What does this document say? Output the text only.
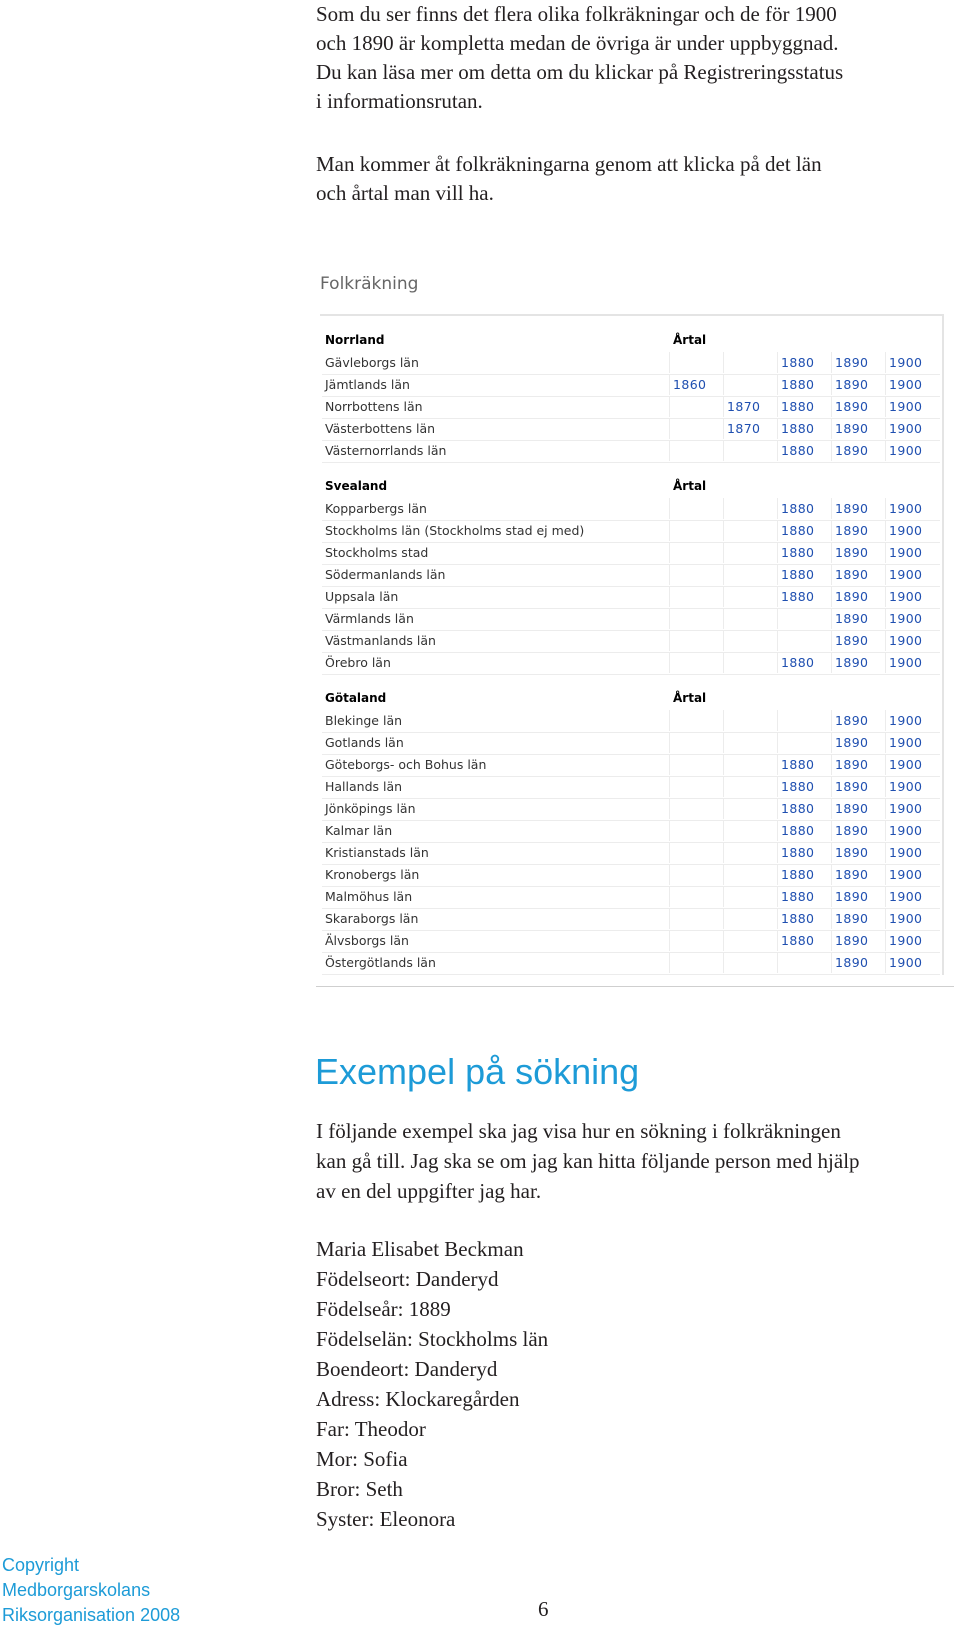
Som du ser finns det flera olika folkräkningar och de för 1900
och 1890 är kompletta medan de övriga är under uppbyggnad.
Du kan läsa mer om detta om du klickar på Registreringsstatus
i informationsrutan.
Man kommer åt folkräkningarna genom att klicka på det län
och årtal man vill ha.
Folkräkning
Norrland	Årtal
Gävleborgs län	1880 1890 1900
Jämtlands län	1860	1880 1890 1900
Norrbottens län	1870 1880 1890 1900
Västerbottens län	1870 1880 1890 1900
Västernorrlands län	1880 1890 1900
Svealand	Årtal
Kopparbergs län	1880 1890 1900
Stockholms län (Stockholms stad ej med)	1880 1890 1900
Stockholms stad	1880 1890 1900
Södermanlands län	1880 1890 1900
Uppsala län	1880 1890 1900
Värmlands län	1890 1900
Västmanlands län	1890 1900
Örebro län	1880 1890 1900
Götaland	Årtal
Blekinge län	1890 1900
Gotlands län	1890 1900
Göteborgs- och Bohus län	1880 1890 1900
Hallands län	1880 1890 1900
Jönköpings län	1880 1890 1900
Kalmar län	1880 1890 1900
Kristianstads län	1880 1890 1900
Kronobergs län	1880 1890 1900
Malmöhus län	1880 1890 1900
Skaraborgs län	1880 1890 1900
Älvsborgs län	1880 1890 1900
Östergötlands län	1890 1900
Exempel på sökning
I följande exempel ska jag visa hur en sökning i folkräkningen
kan gå till. Jag ska se om jag kan hitta följande person med hjälp
av en del uppgifter jag har.
Maria Elisabet Beckman
Födelseort: Danderyd
Födelseår: 1889
Födelselän: Stockholms län
Boendeort: Danderyd
Adress: Klockaregården
Far: Theodor
Mor: Sofia
Bror: Seth
Syster: Eleonora
Copyright
Medborgarskolans
Riksorganisation 2008	6
